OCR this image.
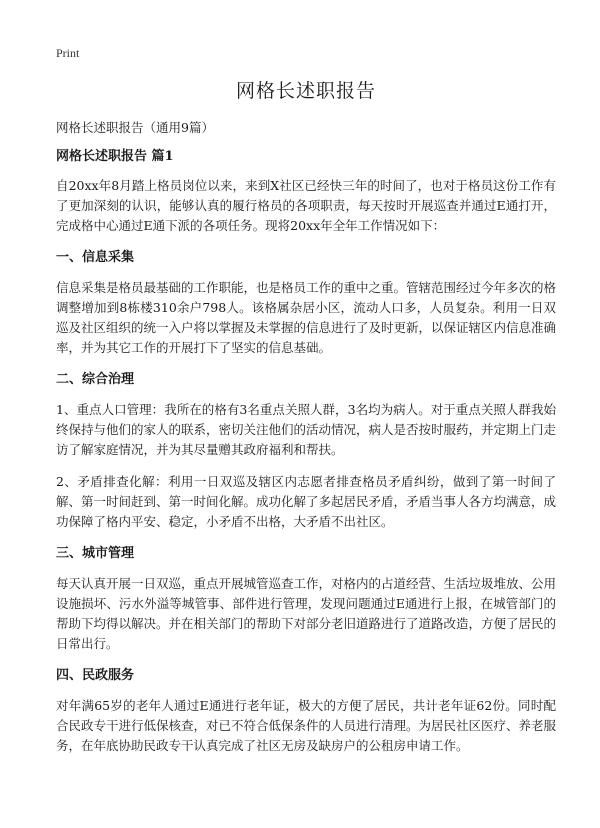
Print
网格长述职报告

网格长述职报告（通用9篇）

网格长述职报告 篇1

自20xx年8月踏上格员岗位以来，来到X社区已经快三年的时间了，也对于格员这份工作有了更加深刻的认识，能够认真的履行格员的各项职责，每天按时开展巡查并通过E通打开，完成格中心通过E通下派的各项任务。现将20xx年全年工作情况如下：

一、信息采集

信息采集是格员最基础的工作职能，也是格员工作的重中之重。管辖范围经过今年多次的格调整增加到8栋楼310余户798人。该格属杂居小区，流动人口多，人员复杂。利用一日双巡及社区组织的统一入户将以掌握及未掌握的信息进行了及时更新，以保证辖区内信息准确率，并为其它工作的开展打下了坚实的信息基础。

二、综合治理

1、重点人口管理：我所在的格有3名重点关照人群，3名均为病人。对于重点关照人群我始终保持与他们的家人的联系，密切关注他们的活动情况，病人是否按时服药，并定期上门走访了解家庭情况，并为其尽量赠其政府福利和帮扶。

2、矛盾排查化解：利用一日双巡及辖区内志愿者排查格员矛盾纠纷，做到了第一时间了解、第一时间赶到、第一时间化解。成功化解了多起居民矛盾，矛盾当事人各方均满意，成功保障了格内平安、稳定，小矛盾不出格，大矛盾不出社区。

三、城市管理

每天认真开展一日双巡，重点开展城管巡查工作，对格内的占道经营、生活垃圾堆放、公用设施损坏、污水外溢等城管事、部件进行管理，发现问题通过E通进行上报，在城管部门的帮助下均得以解决。并在相关部门的帮助下对部分老旧道路进行了道路改造，方便了居民的日常出行。

四、民政服务

对年满65岁的老年人通过E通进行老年证，极大的方便了居民，共计老年证62份。同时配合民政专干进行低保核查，对已不符合低保条件的人员进行清理。为居民社区医疗、养老服务，在年底协助民政专干认真完成了社区无房及缺房户的公租房申请工作。
